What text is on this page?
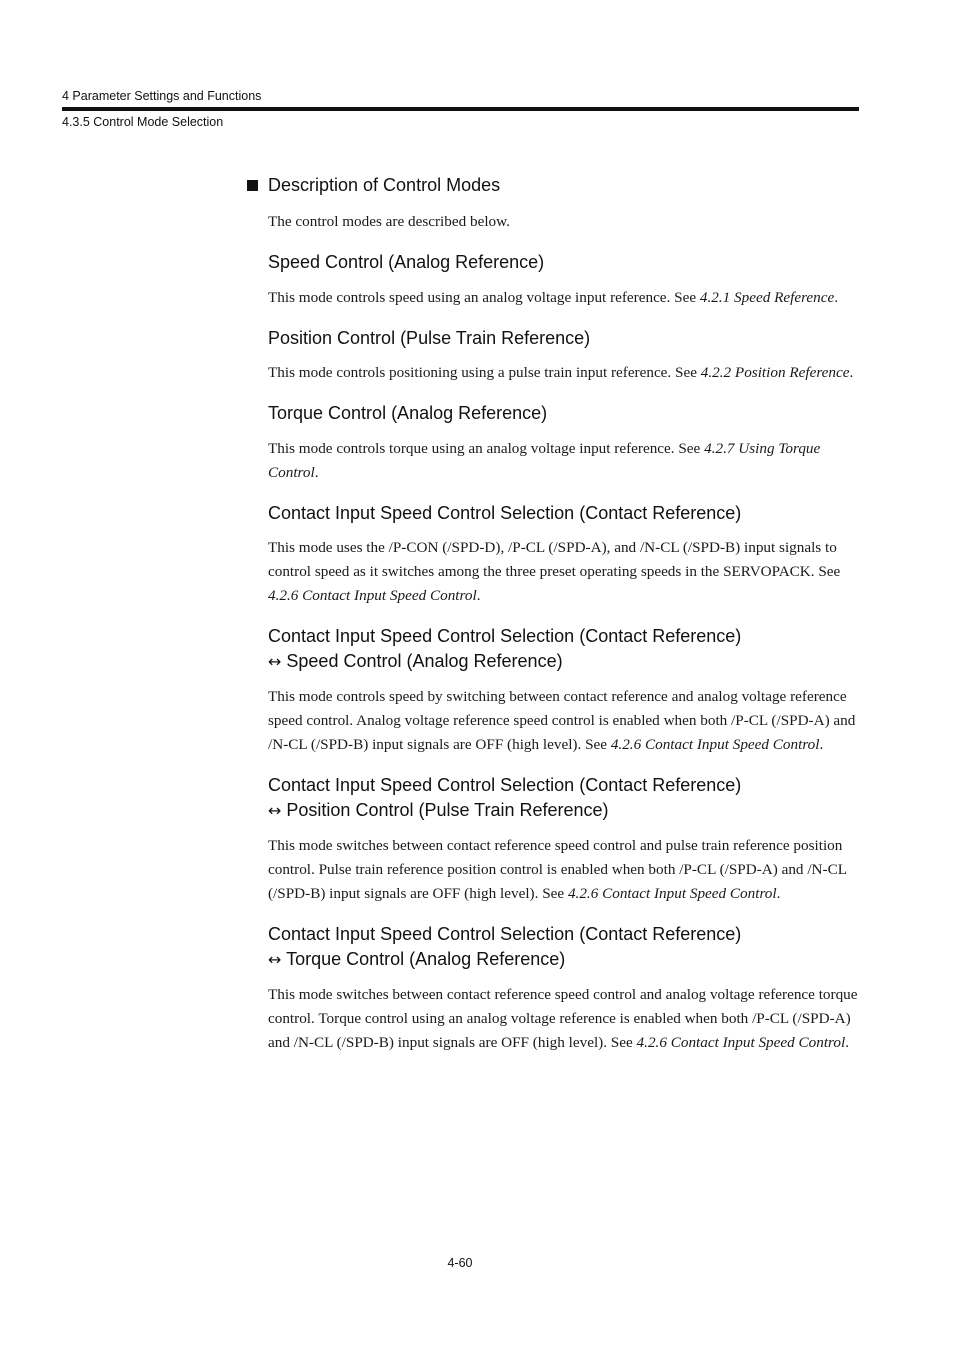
4 Parameter Settings and Functions
4.3.5 Control Mode Selection
Description of Control Modes

The control modes are described below.

Speed Control (Analog Reference)

This mode controls speed using an analog voltage input reference. See 4.2.1 Speed Reference.

Position Control (Pulse Train Reference)

This mode controls positioning using a pulse train input reference. See 4.2.2 Position Reference.

Torque Control (Analog Reference)

This mode controls torque using an analog voltage input reference. See 4.2.7 Using Torque Control.

Contact Input Speed Control Selection (Contact Reference)

This mode uses the /P-CON (/SPD-D), /P-CL (/SPD-A), and /N-CL (/SPD-B) input signals to control speed as it switches among the three preset operating speeds in the SERVOPACK. See 4.2.6 Contact Input Speed Control.

Contact Input Speed Control Selection (Contact Reference)
↔ Speed Control (Analog Reference)

This mode controls speed by switching between contact reference and analog voltage reference speed control. Analog voltage reference speed control is enabled when both /P-CL (/SPD-A) and /N-CL (/SPD-B) input signals are OFF (high level). See 4.2.6 Contact Input Speed Control.

Contact Input Speed Control Selection (Contact Reference)
↔ Position Control (Pulse Train Reference)

This mode switches between contact reference speed control and pulse train reference position control. Pulse train reference position control is enabled when both /P-CL (/SPD-A) and /N-CL (/SPD-B) input signals are OFF (high level). See 4.2.6 Contact Input Speed Control.

Contact Input Speed Control Selection (Contact Reference)
↔ Torque Control (Analog Reference)

This mode switches between contact reference speed control and analog voltage reference torque control. Torque control using an analog voltage reference is enabled when both /P-CL (/SPD-A) and /N-CL (/SPD-B) input signals are OFF (high level). See 4.2.6 Contact Input Speed Control.

4-60
